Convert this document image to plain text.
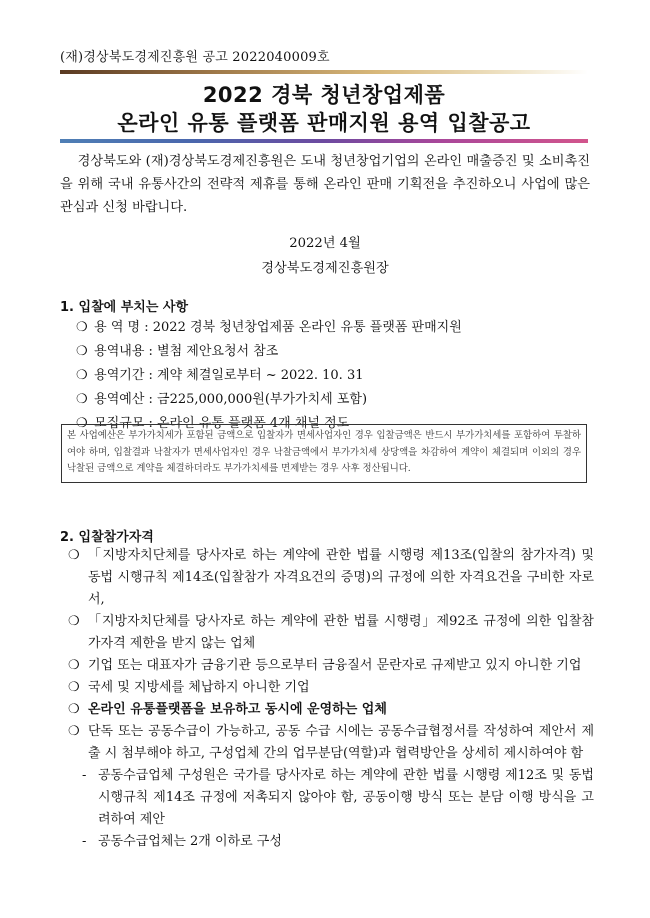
(재)경상북도경제진흥원 공고 2022040009호
2022 경북 청년창업제품
온라인 유통 플랫폼 판매지원 용역 입찰공고
경상북도와 (재)경상북도경제진흥원은 도내 청년창업기업의 온라인 매출증진 및 소비촉진을 위해 국내 유통사간의 전략적 제휴를 통해 온라인 판매 기획전을 추진하오니 사업에 많은 관심과 신청 바랍니다.
2022년 4월
경상북도경제진흥원장
1. 입찰에 부치는 사항
❍ 용 역 명 : 2022 경북 청년창업제품 온라인 유통 플랫폼 판매지원
❍ 용역내용 : 별첨 제안요청서 참조
❍ 용역기간 : 계약 체결일로부터 ~ 2022. 10. 31
❍ 용역예산 : 금225,000,000원(부가가치세 포함)
❍ 모집규모 : 온라인 유통 플랫폼 4개 채널 정도
본 사업예산은 부가가치세가 포함된 금액으로 입찰자가 면세사업자인 경우 입찰금액은 반드시 부가가치세를 포함하여 투찰하여야 하며, 입찰결과 낙찰자가 면세사업자인 경우 낙찰금액에서 부가가치세 상당액을 차감하여 계약이 체결되며 이외의 경우 낙찰된 금액으로 계약을 체결하더라도 부가가치세를 면제받는 경우 사후 정산됩니다.
2. 입찰참가자격
❍ 「지방자치단체를 당사자로 하는 계약에 관한 법률 시행령 제13조(입찰의 참가자격) 및 동법 시행규칙 제14조(입찰참가 자격요건의 증명)의 규정에 의한 자격요건을 구비한 자로서,
❍ 「지방자치단체를 당사자로 하는 계약에 관한 법률 시행령」제92조 규정에 의한 입찰참가자격 제한을 받지 않는 업체
❍ 기업 또는 대표자가 금융기관 등으로부터 금융질서 문란자로 규제받고 있지 아니한 기업
❍ 국세 및 지방세를 체납하지 아니한 기업
❍ 온라인 유통플랫폼을 보유하고 동시에 운영하는 업체
❍ 단독 또는 공동수급이 가능하고, 공동 수급 시에는 공동수급협정서를 작성하여 제안서 제출 시 첨부해야 하고, 구성업체 간의 업무분담(역할)과 협력방안을 상세히 제시하여야 함
- 공동수급업체 구성원은 국가를 당사자로 하는 계약에 관한 법률 시행령 제12조 및 동법 시행규칙 제14조 규정에 저촉되지 않아야 함, 공동이행 방식 또는 분담 이행 방식을 고려하여 제안
- 공동수급업체는 2개 이하로 구성
